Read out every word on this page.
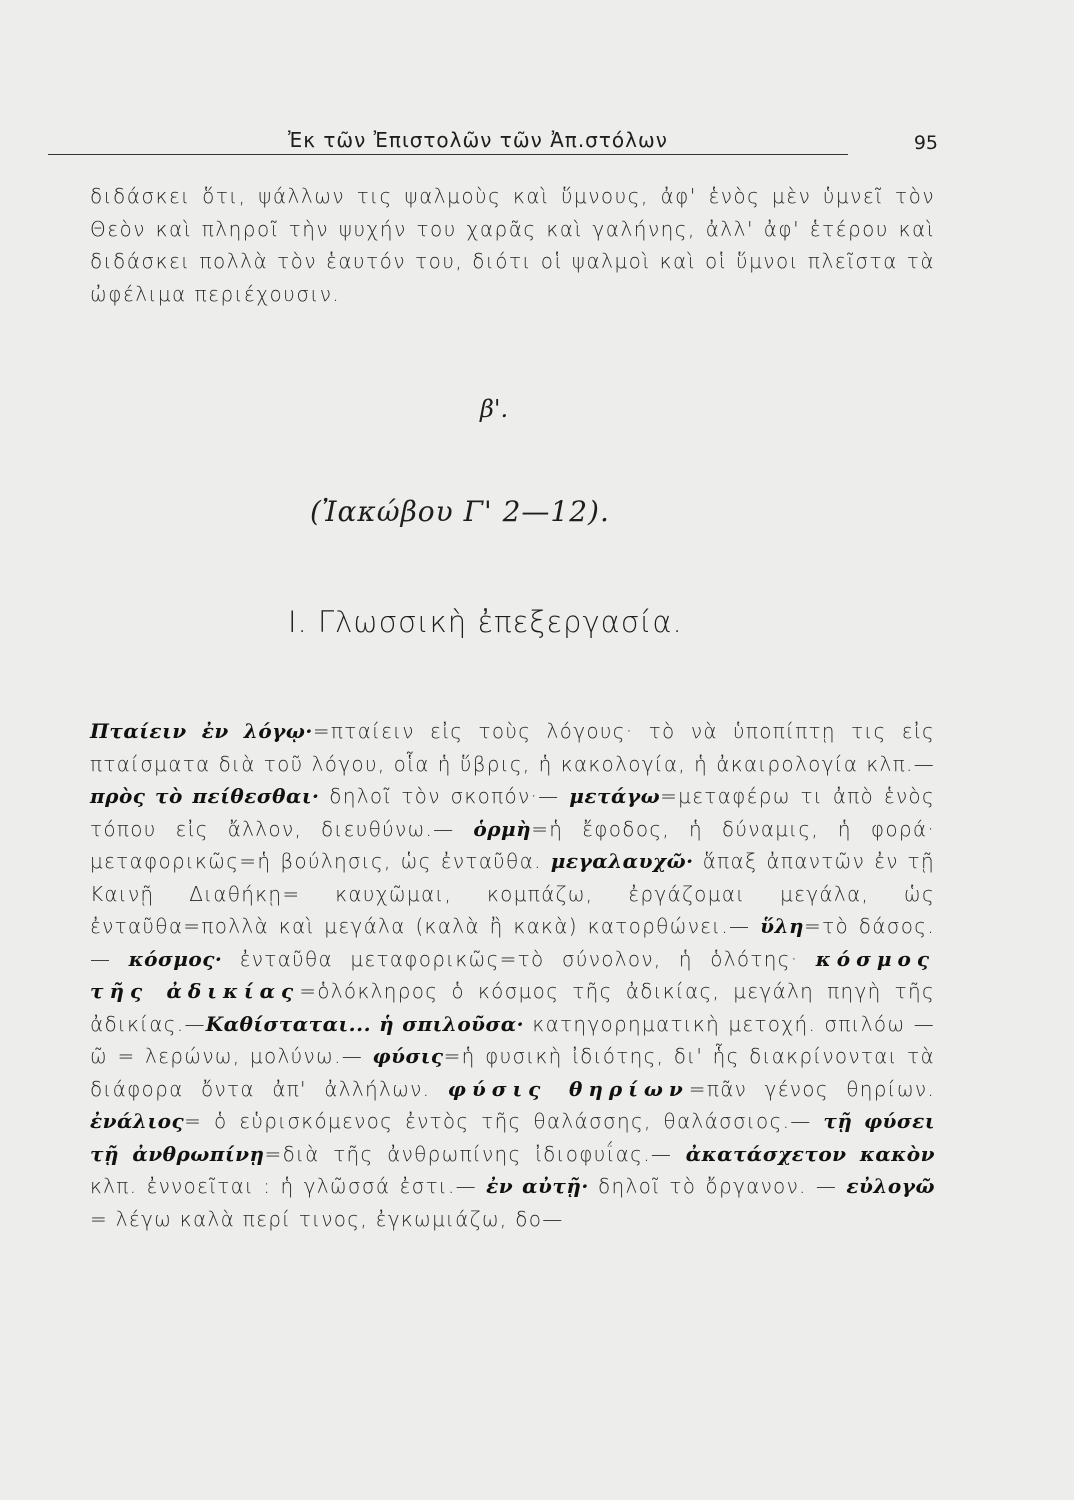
Ἐκ τῶν Ἐπιστολῶν τῶν Ἀπ.στόλων	95

διδάσκει ὅτι, ψάλλων τις ψαλμοὺς καὶ ὕμνους, ἀφ' ἑνὸς μὲν ὑμνεῖ τὸν Θεὸν καὶ πληροῖ τὴν ψυχήν του χαρᾶς καὶ γαλήνης, ἀλλ' ἀφ' ἑτέρου καὶ διδάσκει πολλὰ τὸν ἑαυτόν του, διότι οἱ ψαλμοὶ καὶ οἱ ὕμνοι πλεῖστα τὰ ὠφέλιμα περιέχουσιν.

β'.
(Ἰακώβου Γ' 2—12).
I. Γλωσσικὴ ἐπεξεργασία.

Πταίειν ἐν λόγῳ·=πταίειν εἰς τοὺς λόγους· τὸ νὰ ὑποπίπτῃ τις εἰς πταίσματα διὰ τοῦ λόγου, οἷα ἡ ὕβρις, ἡ κακολογία, ἡ ἀκαιρολογία κλπ.—πρὸς τὸ πείθεσθαι· δηλοῖ τὸν σκοπόν·— μετάγω=μεταφέρω τι ἀπὸ ἑνὸς τόπου εἰς ἄλλον, διευθύνω.— ὁρμὴ=ἡ ἔφοδος, ἡ δύναμις, ἡ φορά· μεταφορικῶς=ἡ βούλησις, ὡς ἐνταῦθα. μεγαλαυχῶ· ἅπαξ ἀπαντῶν ἐν τῇ Καινῇ Διαθήκῃ= καυχῶμαι, κομπάζω, ἐργάζομαι μεγάλα, ὡς ἐνταῦθα=πολλὰ καὶ μεγάλα (καλὰ ἢ κακὰ) κατορθώνει.— ὕλη=τὸ δάσος.— κόσμος· ἐνταῦθα μεταφορικῶς=τὸ σύνολον, ἡ ὁλότης· κόσμος τῆς ἀδικίας=ὁλόκληρος ὁ κόσμος τῆς ἀδικίας, μεγάλη πηγὴ τῆς ἀδικίας.—Καθίσταται... ἡ σπιλοῦσα· κατηγορηματικὴ μετοχή. σπιλόω — ῶ = λερώνω, μολύνω.— φύσις=ἡ φυσικὴ ἰδιότης, δι' ἧς διακρίνονται τὰ διάφορα ὄντα ἀπ' ἀλλήλων. φύσις θηρίων=πᾶν γένος θηρίων. ἐνάλιος= ὁ εὑρισκόμενος ἐντὸς τῆς θαλάσσης, θαλάσσιος.— τῇ φύσει τῇ ἀνθρωπίνῃ=διὰ τῆς ἀνθρωπίνης ἰδιοφυΐας.— ἀκατάσχετον κακὸν κλπ. ἐννοεῖται : ἡ γλῶσσά ἐστι.— ἐν αὐτῇ· δηλοῖ τὸ ὄργανον. — εὐλογῶ = λέγω καλὰ περί τινος, ἐγκωμιάζω, δο—
